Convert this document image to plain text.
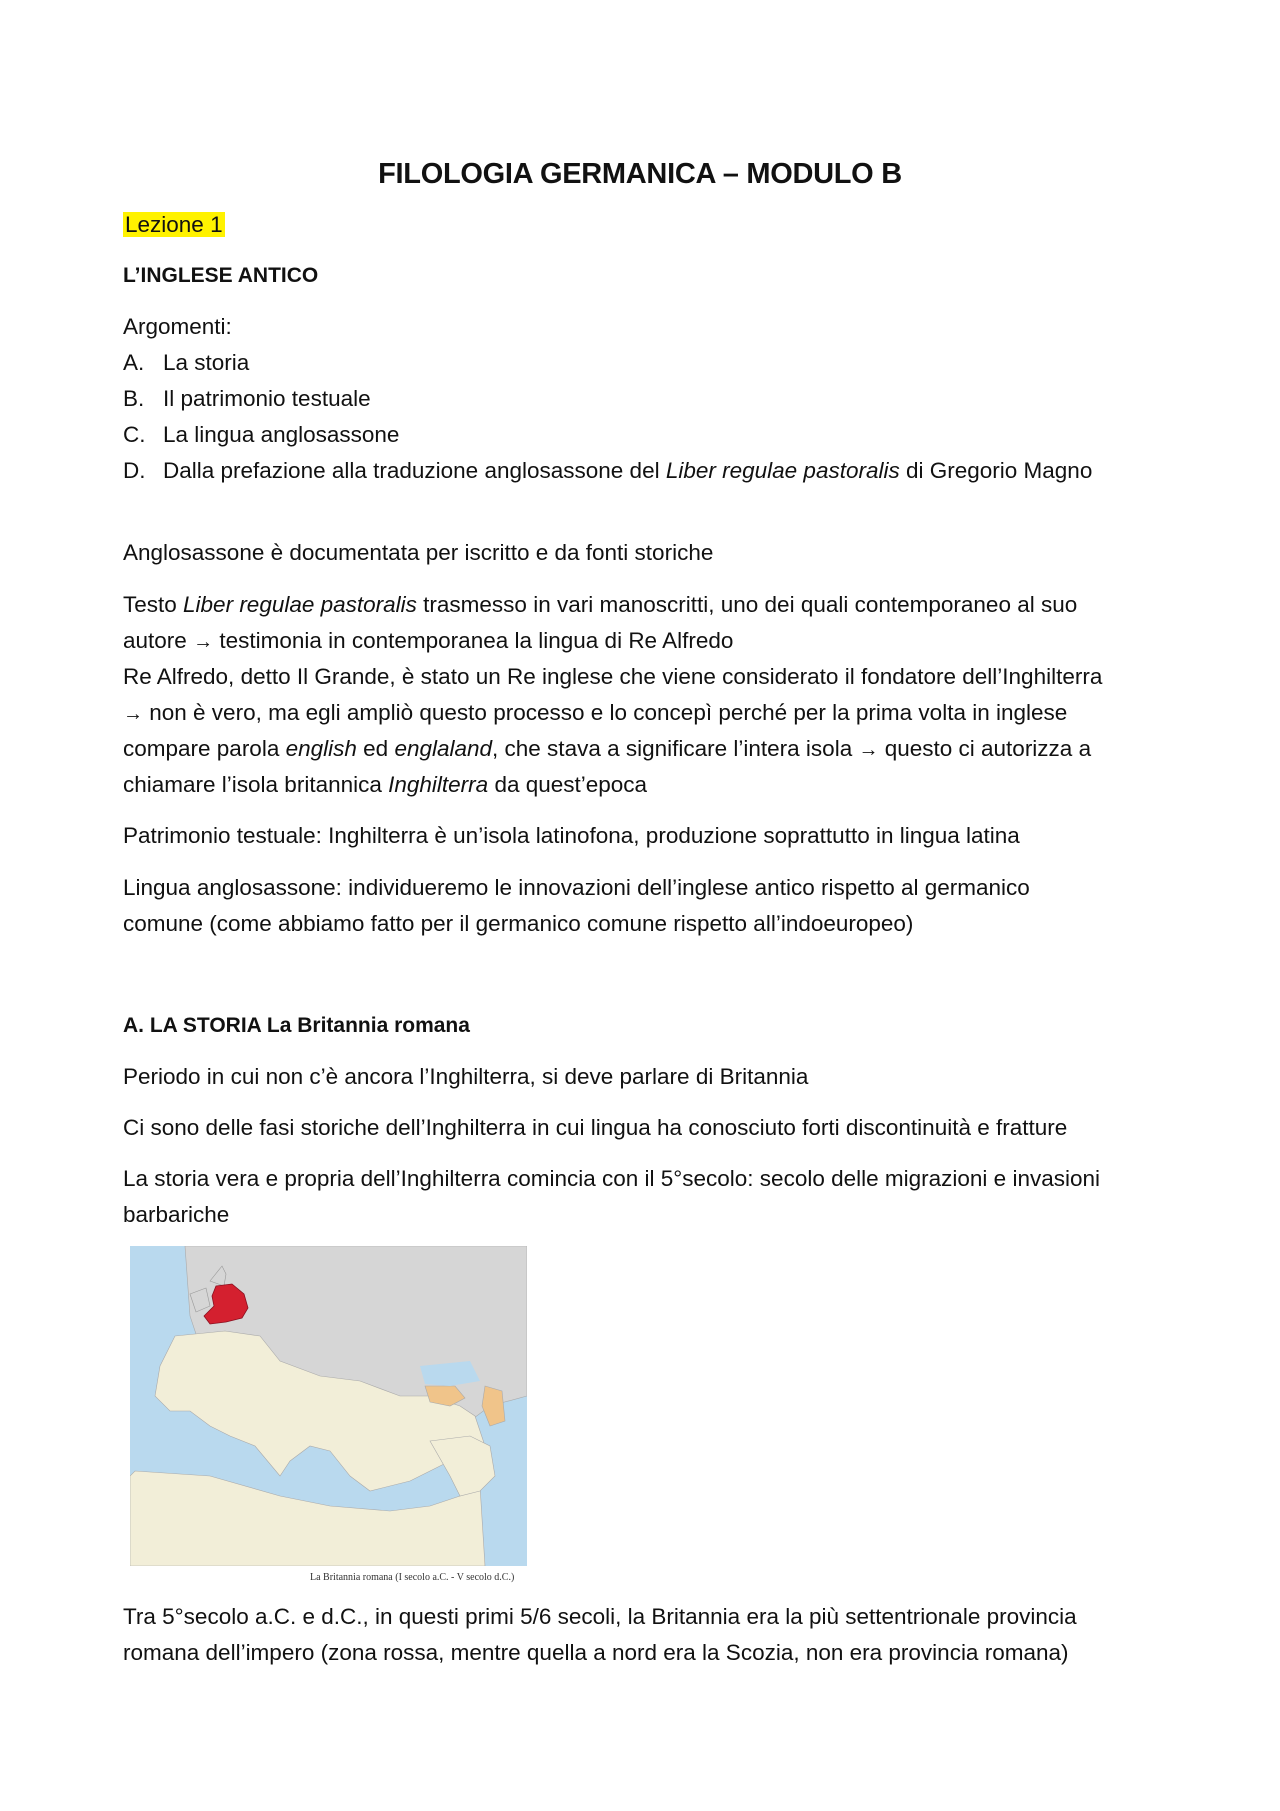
FILOLOGIA GERMANICA – MODULO B
Lezione 1
L’INGLESE ANTICO
Argomenti:
A. La storia
B. Il patrimonio testuale
C. La lingua anglosassone
D. Dalla prefazione alla traduzione anglosassone del Liber regulae pastoralis di Gregorio Magno
Anglosassone è documentata per iscritto e da fonti storiche
Testo Liber regulae pastoralis trasmesso in vari manoscritti, uno dei quali contemporaneo al suo
autore → testimonia in contemporanea la lingua di Re Alfredo
Re Alfredo, detto Il Grande, è stato un Re inglese che viene considerato il fondatore dell’Inghilterra
→ non è vero, ma egli ampliò questo processo e lo concepì perché per la prima volta in inglese
compare parola english ed englaland, che stava a significare l’intera isola → questo ci autorizza a
chiamare l’isola britannica Inghilterra da quest’epoca
Patrimonio testuale: Inghilterra è un’isola latinofona, produzione soprattutto in lingua latina
Lingua anglosassone: individueremo le innovazioni dell’inglese antico rispetto al germanico
comune (come abbiamo fatto per il germanico comune rispetto all’indoeuropeo)
A. LA STORIA La Britannia romana
Periodo in cui non c’è ancora l’Inghilterra, si deve parlare di Britannia
Ci sono delle fasi storiche dell’Inghilterra in cui lingua ha conosciuto forti discontinuità e fratture
La storia vera e propria dell’Inghilterra comincia con il 5°secolo: secolo delle migrazioni e invasioni
barbariche
La Britannia romana (I secolo a.C. - V secolo d.C.)
Tra 5°secolo a.C. e d.C., in questi primi 5/6 secoli, la Britannia era la più settentrionale provincia
romana dell’impero (zona rossa, mentre quella a nord era la Scozia, non era provincia romana)
